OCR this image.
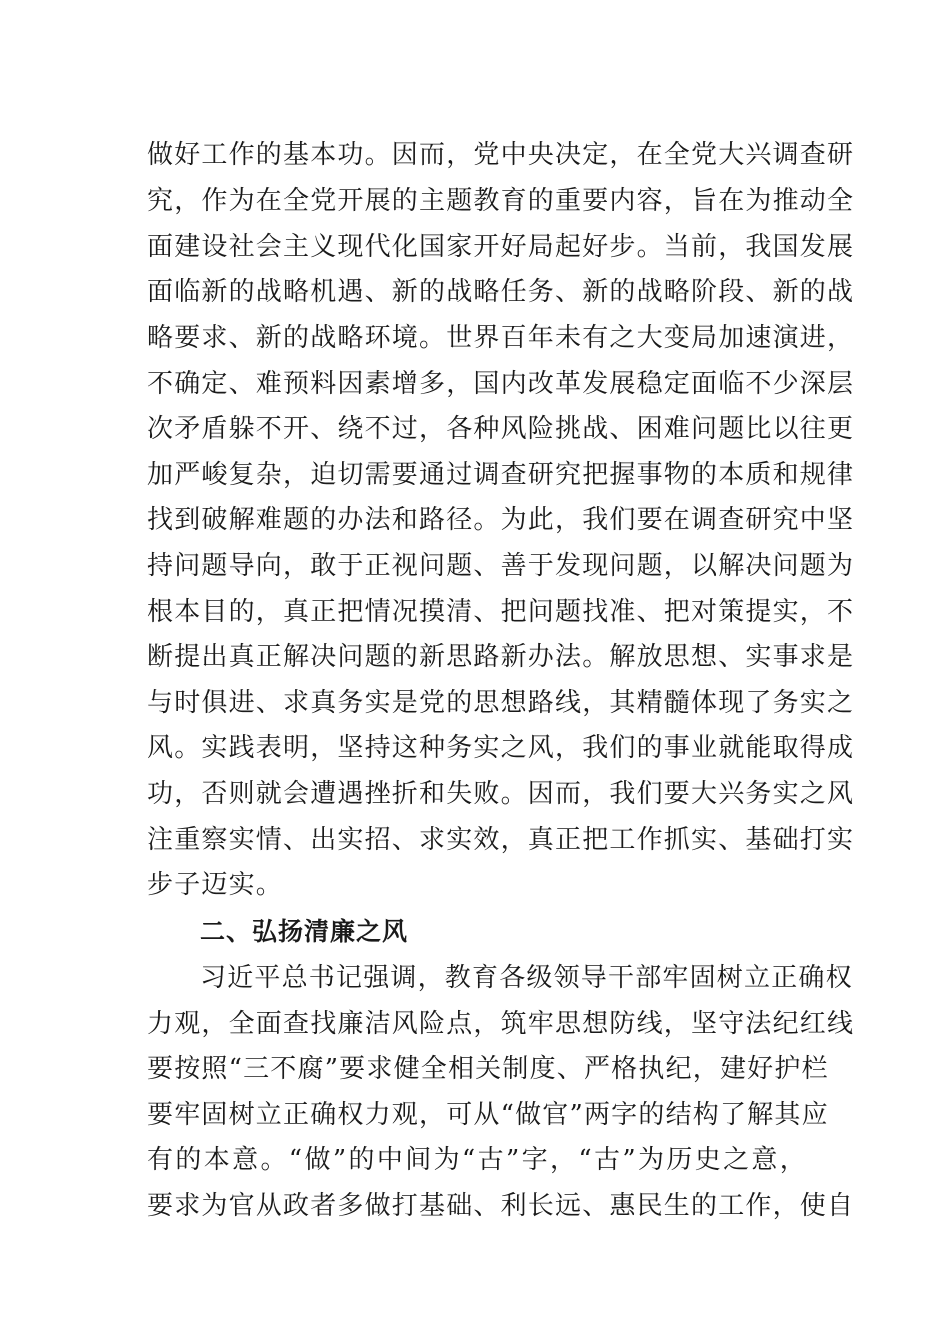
做好工作的基本功。因而，党中央决定，在全党大兴调查研
究，作为在全党开展的主题教育的重要内容，旨在为推动全
面建设社会主义现代化国家开好局起好步。当前，我国发展
面临新的战略机遇、新的战略任务、新的战略阶段、新的战
略要求、新的战略环境。世界百年未有之大变局加速演进，
不确定、难预料因素增多，国内改革发展稳定面临不少深层
次矛盾躲不开、绕不过，各种风险挑战、困难问题比以往更
加严峻复杂，迫切需要通过调查研究把握事物的本质和规律
找到破解难题的办法和路径。为此，我们要在调查研究中坚
持问题导向，敢于正视问题、善于发现问题，以解决问题为
根本目的，真正把情况摸清、把问题找准、把对策提实，不
断提出真正解决问题的新思路新办法。解放思想、实事求是
与时俱进、求真务实是党的思想路线，其精髓体现了务实之
风。实践表明，坚持这种务实之风，我们的事业就能取得成
功，否则就会遭遇挫折和失败。因而，我们要大兴务实之风
注重察实情、出实招、求实效，真正把工作抓实、基础打实
步子迈实。
二、弘扬清廉之风
习近平总书记强调，教育各级领导干部牢固树立正确权
力观，全面查找廉洁风险点，筑牢思想防线，坚守法纪红线
要按照“三不腐”要求健全相关制度、严格执纪，建好护栏
要牢固树立正确权力观，可从“做官”两字的结构了解其应
有的本意。“做”的中间为“古”字，“古”为历史之意，
要求为官从政者多做打基础、利长远、惠民生的工作，使自
